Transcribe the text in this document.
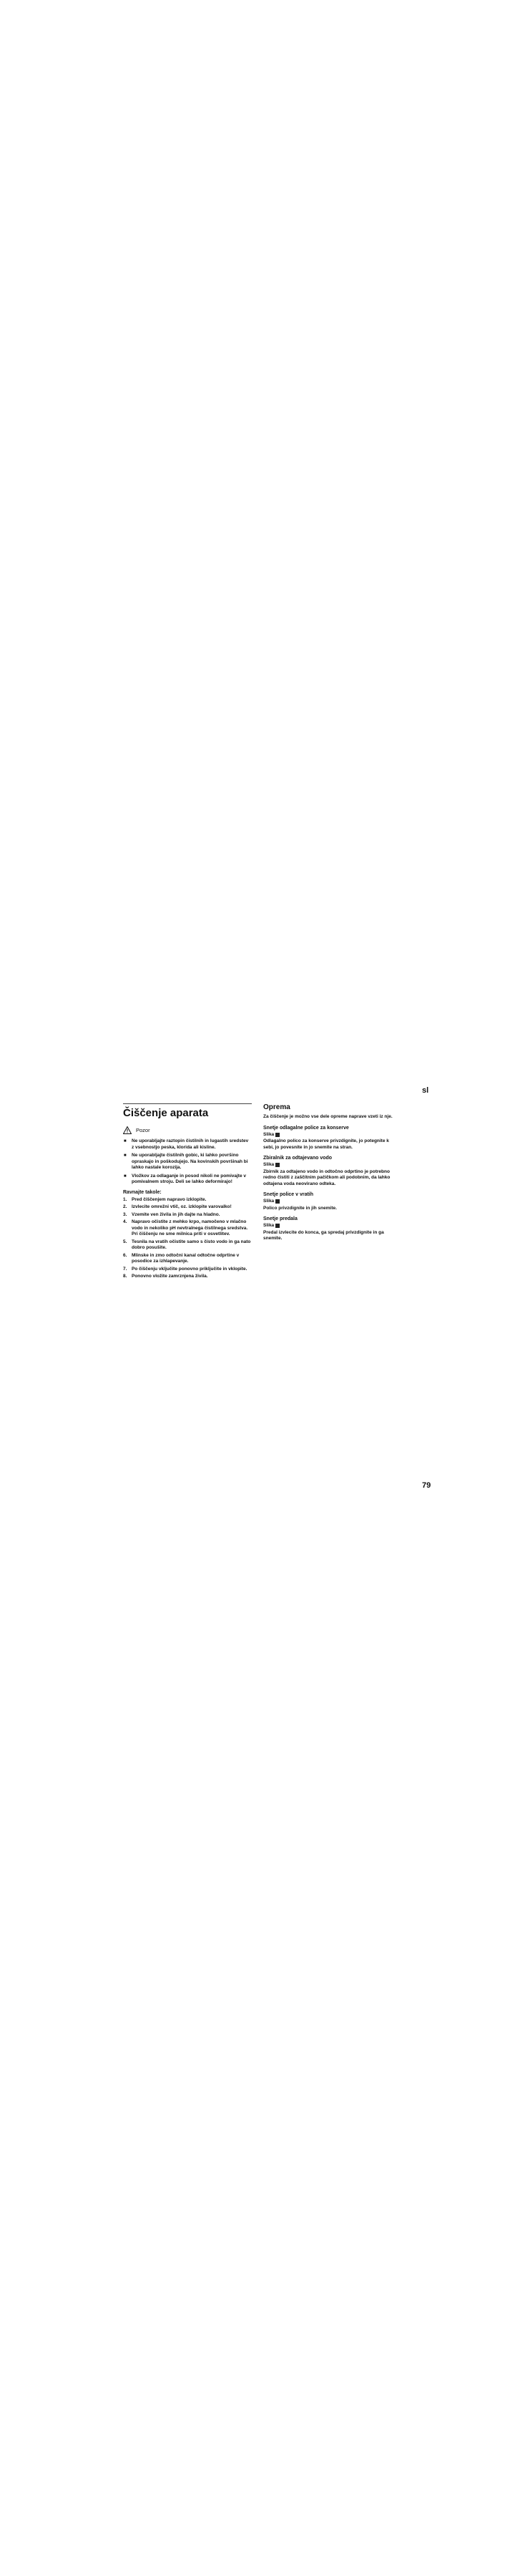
sl
Čiščenje aparata
Pozor
■ Ne uporabljajte raztopin čistilnih in lugastih sredstev z vsebnostjo peska, klorida ali kisline.
■ Ne uporabljajte čistilnih gobic, ki lahko površino opraskajo in poškodujejo. Na kovinskih površinah bi lahko nastale korozija.
■ Vložkov za odlaganje in posod nikoli ne pomivajte v pomivalnem stroju. Deli se lahko deformirajo!
Ravnajte takole:
1.	Pred čiščenjem napravo izklopite.
2.	Izvlecite omrežni vtič, oz. izklopite varovalko!
3.	Vzemite ven živila in jih dajte na hladno.
4.	Napravo očistite z mehko krpo, namočeno v mlačno vodo in nekoliko pH nevtralnega čistilnega sredstva. Pri čiščenju ne sme milnica priti v osvetlitev.
5.	Tesnila na vratih očistite samo s čisto vodo in ga nato dobro posušite.
6.	Mlinske in zmo odtočni kanal odtočne odprtine v posodice za izhlapevanje.
7.	Po čiščenju vključite ponovno priključite in vklopite.
8.	Ponovno vložite zamrznjena živila.
Oprema

Za čiščenje je možno vse dele opreme naprave vzeti iz nje.

Snetje odlagalne police za konserve

Slika

Odlagalno polico za konserve privzdignite, jo potegnite k sebi, jo povesnite in jo snemite na stran.

Zbiralnik za odtajevano vodo

Slika

Zbirnik za odtajeno vodo in odtočno odprtino je potrebno redno čistiti z zaščitnim pačičkom ali podobnim, da lahko odtajena voda neovirano odteka.

Snetje police v vratih

Slika

Polico privzdignite in jih snemite.

Snetje predala

Slika

Predal izvlecite do konca, ga spredaj privzdignite in ga snemite.

79
